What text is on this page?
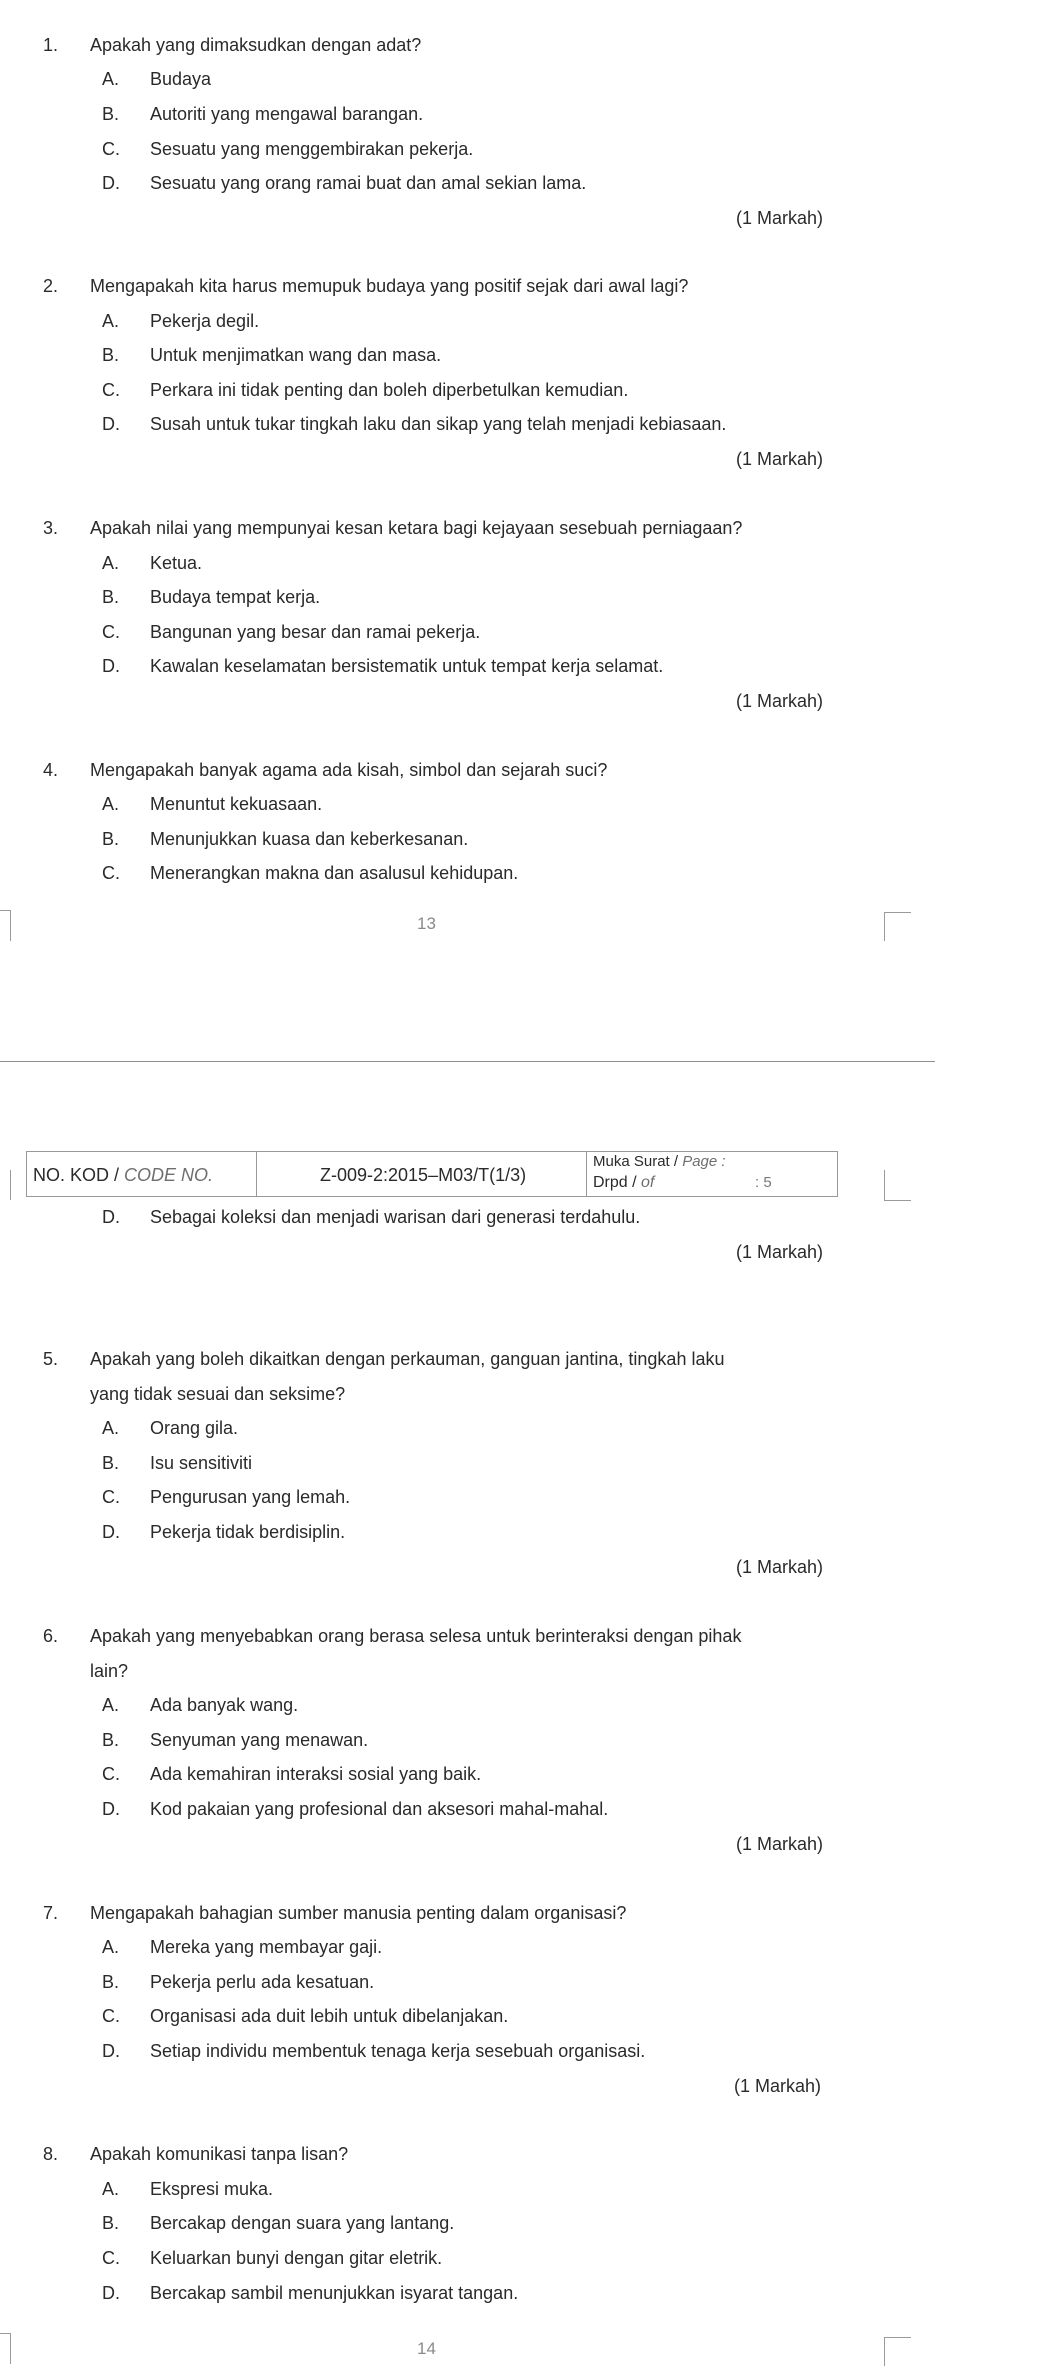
1. Apakah yang dimaksudkan dengan adat?
A. Budaya
B. Autoriti yang mengawal barangan.
C. Sesuatu yang menggembirakan pekerja.
D. Sesuatu yang orang ramai buat dan amal sekian lama.
(1 Markah)
2. Mengapakah kita harus memupuk budaya yang positif sejak dari awal lagi?
A. Pekerja degil.
B. Untuk menjimatkan wang dan masa.
C. Perkara ini tidak penting dan boleh diperbetulkan kemudian.
D. Susah untuk tukar tingkah laku dan sikap yang telah menjadi kebiasaan.
(1 Markah)
3. Apakah nilai yang mempunyai kesan ketara bagi kejayaan sesebuah perniagaan?
A. Ketua.
B. Budaya tempat kerja.
C. Bangunan yang besar dan ramai pekerja.
D. Kawalan keselamatan bersistematik untuk tempat kerja selamat.
(1 Markah)
4. Mengapakah banyak agama ada kisah, simbol dan sejarah suci?
A. Menuntut kekuasaan.
B. Menunjukkan kuasa dan keberkesanan.
C. Menerangkan makna dan asalusul kehidupan.
13
NO. KOD / CODE NO.	Z-009-2:2015–M03/T(1/3)
Muka Surat / Page :
Drpd / of	: 5
D. Sebagai koleksi dan menjadi warisan dari generasi terdahulu.
(1 Markah)
5. Apakah yang boleh dikaitkan dengan perkauman, ganguan jantina, tingkah laku
yang tidak sesuai dan seksime?
A. Orang gila.
B. Isu sensitiviti
C. Pengurusan yang lemah.
D. Pekerja tidak berdisiplin.
(1 Markah)
6. Apakah yang menyebabkan orang berasa selesa untuk berinteraksi dengan pihak
lain?
A. Ada banyak wang.
B. Senyuman yang menawan.
C. Ada kemahiran interaksi sosial yang baik.
D. Kod pakaian yang profesional dan aksesori mahal-mahal.
(1 Markah)
7. Mengapakah bahagian sumber manusia penting dalam organisasi?
A. Mereka yang membayar gaji.
B. Pekerja perlu ada kesatuan.
C. Organisasi ada duit lebih untuk dibelanjakan.
D. Setiap individu membentuk tenaga kerja sesebuah organisasi.
(1 Markah)
8. Apakah komunikasi tanpa lisan?
A. Ekspresi muka.
B. Bercakap dengan suara yang lantang.
C. Keluarkan bunyi dengan gitar eletrik.
D. Bercakap sambil menunjukkan isyarat tangan.
14
